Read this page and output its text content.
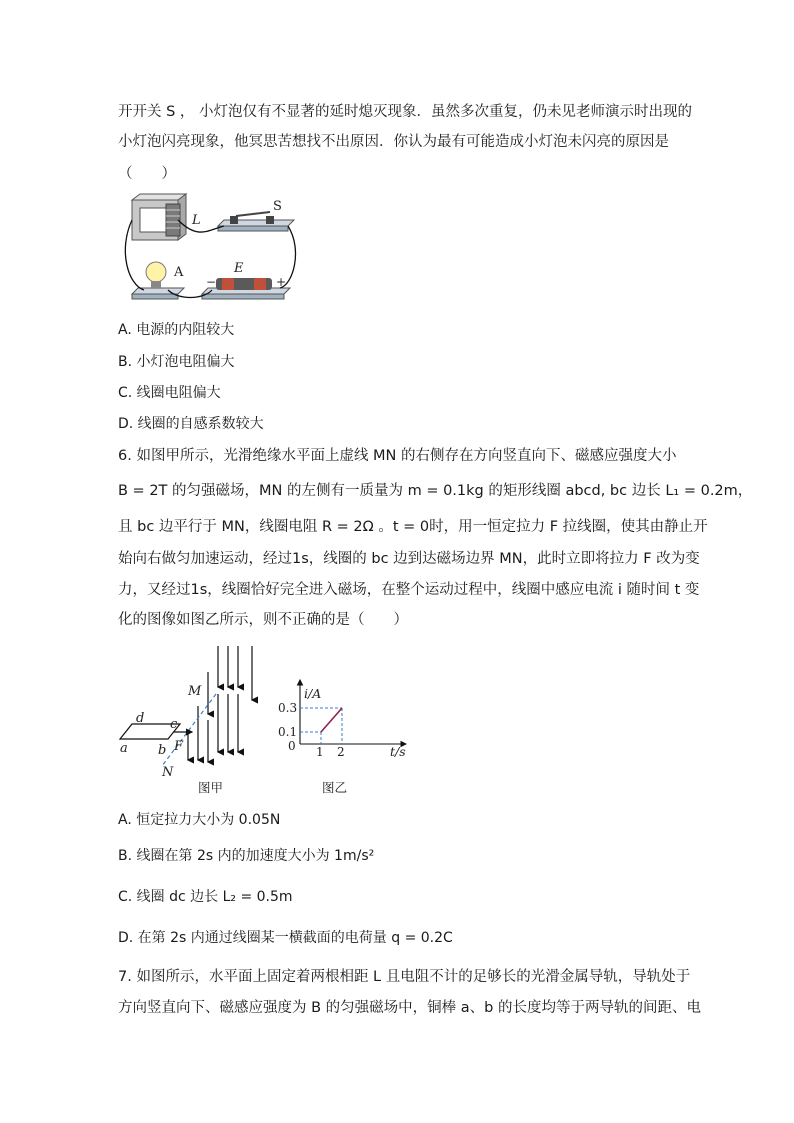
开开关 S ， 小灯泡仅有不显著的延时熄灭现象．虽然多次重复，仍未见老师演示时出现的
小灯泡闪亮现象，他冥思苦想找不出原因．你认为最有可能造成小灯泡未闪亮的原因是
（　　）
L
S
A	E
−	+
A. 电源的内阻较大
B. 小灯泡电阻偏大
C. 线圈电阻偏大
D. 线圈的自感系数较大
6. 如图甲所示，光滑绝缘水平面上虚线 MN 的右侧存在方向竖直向下、磁感应强度大小
B = 2T 的匀强磁场，MN 的左侧有一质量为 m = 0.1kg 的矩形线圈 abcd, bc 边长 L₁ = 0.2m，
且 bc 边平行于 MN，线圈电阻 R = 2Ω 。t = 0时，用一恒定拉力 F 拉线圈，使其由静止开
始向右做匀加速运动，经过1s，线圈的 bc 边到达磁场边界 MN，此时立即将拉力 F 改为变
力，又经过1s，线圈恰好完全进入磁场，在整个运动过程中，线圈中感应电流 i 随时间 t 变
化的图像如图乙所示，则不正确的是（　　）
M
N
a b
c
d
F
图甲
i/A
t/s
0.3
0.1
0 1 2
图乙
A. 恒定拉力大小为 0.05N
B. 线圈在第 2s 内的加速度大小为 1m/s²
C. 线圈 dc 边长 L₂ = 0.5m
D. 在第 2s 内通过线圈某一横截面的电荷量 q = 0.2C
7. 如图所示，水平面上固定着两根相距 L 且电阻不计的足够长的光滑金属导轨，导轨处于
方向竖直向下、磁感应强度为 B 的匀强磁场中，铜棒 a、b 的长度均等于两导轨的间距、电
